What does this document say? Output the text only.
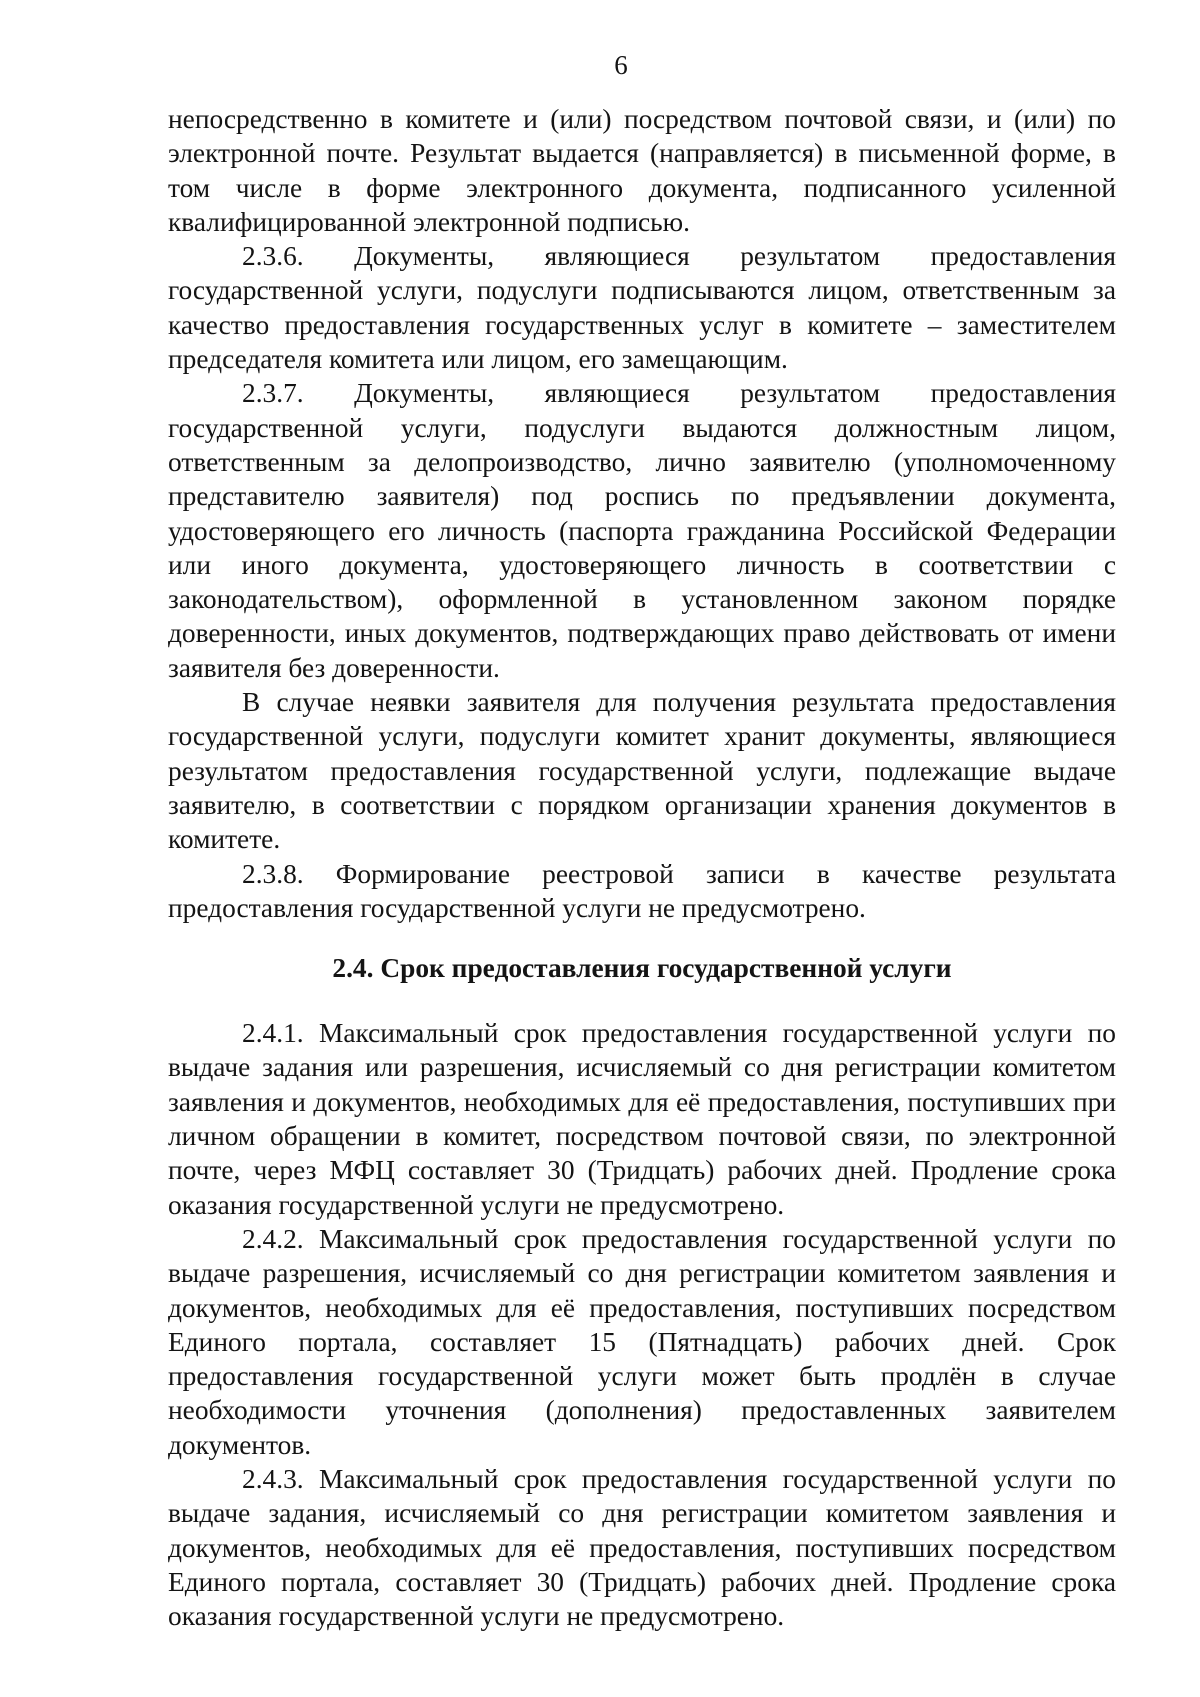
6

непосредственно в комитете и (или) посредством почтовой связи, и (или) по электронной почте. Результат выдается (направляется) в письменной форме, в том числе в форме электронного документа, подписанного усиленной квалифицированной электронной подписью.

2.3.6. Документы, являющиеся результатом предоставления государственной услуги, подуслуги подписываются лицом, ответственным за качество предоставления государственных услуг в комитете – заместителем председателя комитета или лицом, его замещающим.

2.3.7. Документы, являющиеся результатом предоставления государственной услуги, подуслуги выдаются должностным лицом, ответственным за делопроизводство, лично заявителю (уполномоченному представителю заявителя) под роспись по предъявлении документа, удостоверяющего его личность (паспорта гражданина Российской Федерации или иного документа, удостоверяющего личность в соответствии с законодательством), оформленной в установленном законом порядке доверенности, иных документов, подтверждающих право действовать от имени заявителя без доверенности.

В случае неявки заявителя для получения результата предоставления государственной услуги, подуслуги комитет хранит документы, являющиеся результатом предоставления государственной услуги, подлежащие выдаче заявителю, в соответствии с порядком организации хранения документов в комитете.

2.3.8. Формирование реестровой записи в качестве результата предоставления государственной услуги не предусмотрено.

2.4. Срок предоставления государственной услуги

2.4.1. Максимальный срок предоставления государственной услуги по выдаче задания или разрешения, исчисляемый со дня регистрации комитетом заявления и документов, необходимых для её предоставления, поступивших при личном обращении в комитет, посредством почтовой связи, по электронной почте, через МФЦ составляет 30 (Тридцать) рабочих дней. Продление срока оказания государственной услуги не предусмотрено.

2.4.2. Максимальный срок предоставления государственной услуги по выдаче разрешения, исчисляемый со дня регистрации комитетом заявления и документов, необходимых для её предоставления, поступивших посредством Единого портала, составляет 15 (Пятнадцать) рабочих дней. Срок предоставления государственной услуги может быть продлён в случае необходимости уточнения (дополнения) предоставленных заявителем документов.

2.4.3. Максимальный срок предоставления государственной услуги по выдаче задания, исчисляемый со дня регистрации комитетом заявления и документов, необходимых для её предоставления, поступивших посредством Единого портала, составляет 30 (Тридцать) рабочих дней. Продление срока оказания государственной услуги не предусмотрено.
